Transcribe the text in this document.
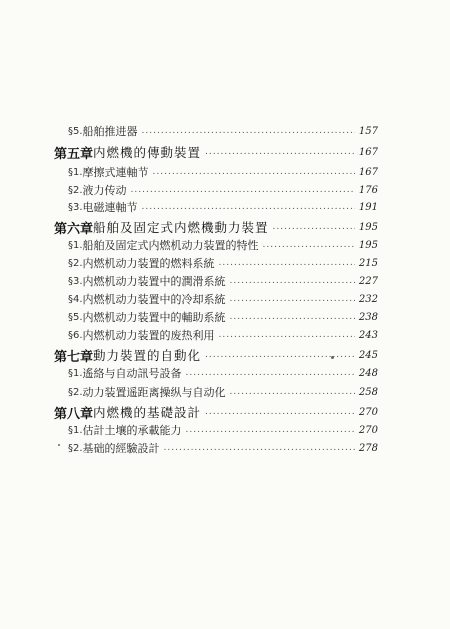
§5. 船舶推进器 .....	157
第五章 内燃機的傳動裝置 .....	167
§1. 摩擦式連軸节 .....	167
§2. 液力传动 .....	176
§3. 电磁連軸节 .....	191
第六章 船舶及固定式内燃機動力裝置 .....	195
§1. 船舶及固定式内燃机动力装置的特性 .....	195
§2. 内燃机动力装置的燃料系統 .....	215
§3. 内燃机动力装置中的潤滑系統 .....	227
§4. 内燃机动力装置中的冷却系統 .....	232
§5. 内燃机动力装置中的輔助系統 .....	238
§6. 内燃机动力装置的废热利用 .....	243
第七章 動力裝置的自動化 .....	245
§1. 遙絡与自动訊号設备 .....	248
§2. 动力装置遥距离操纵与自动化 .....	258
第八章 内燃機的基礎設計 .....	270
§1. 估計土壤的承載能力 .....	270
§2. 基础的經驗設計 .....	278
